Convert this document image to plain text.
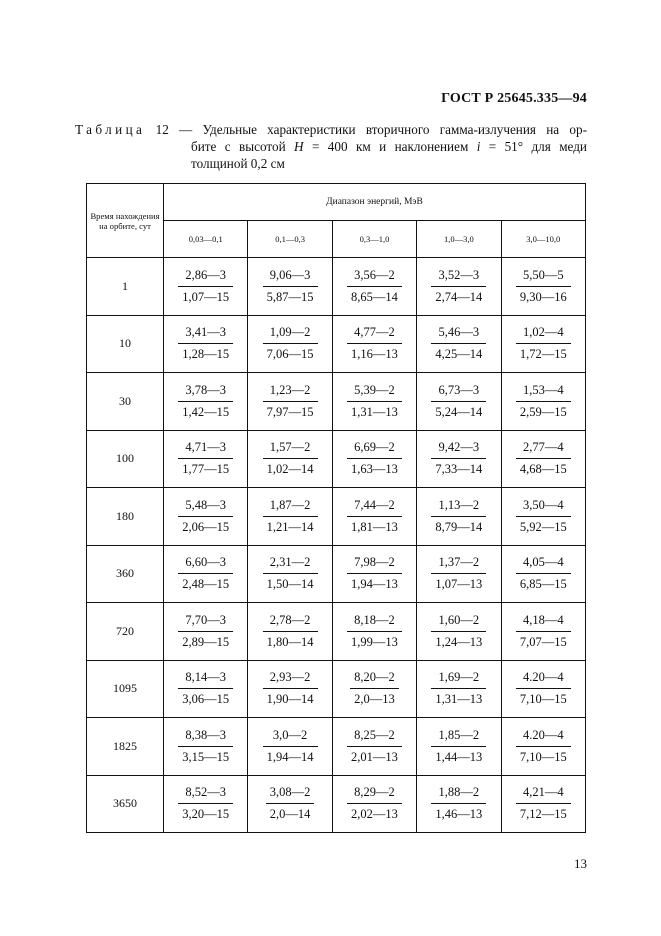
ГОСТ Р 25645.335—94
Таблица 12 — Удельные характеристики вторичного гамма-излучения на ор-
бите с высотой H = 400 км и наклонением i = 51° для меди
толщиной 0,2 см
Время нахождения на орбите, сут	Диапазон энергий, МэВ				
	0,03—0,1	0,1—0,3	0,3—1,0	1,0—3,0	3,0—10,0
1	$\frac{2,86—3}{1,07—15}$	$\frac{9,06—3}{5,87—15}$	$\frac{3,56—2}{8,65—14}$	$\frac{3,52—3}{2,74—14}$	$\frac{5,50—5}{9,30—16}$

10	$\frac{3,41—3}{1,28—15}$	$\frac{1,09—2}{7,06—15}$	$\frac{4,77—2}{1,16—13}$	$\frac{5,46—3}{4,25—14}$	$\frac{1,02—4}{1,72—15}$

30	$\frac{3,78—3}{1,42—15}$	$\frac{1,23—2}{7,97—15}$	$\frac{5,39—2}{1,31—13}$	$\frac{6,73—3}{5,24—14}$	$\frac{1,53—4}{2,59—15}$

100	$\frac{4,71—3}{1,77—15}$	$\frac{1,57—2}{1,02—14}$	$\frac{6,69—2}{1,63—13}$	$\frac{9,42—3}{7,33—14}$	$\frac{2,77—4}{4,68—15}$

180	$\frac{5,48—3}{2,06—15}$	$\frac{1,87—2}{1,21—14}$	$\frac{7,44—2}{1,81—13}$	$\frac{1,13—2}{8,79—14}$	$\frac{3,50—4}{5,92—15}$

360	$\frac{6,60—3}{2,48—15}$	$\frac{2,31—2}{1,50—14}$	$\frac{7,98—2}{1,94—13}$	$\frac{1,37—2}{1,07—13}$	$\frac{4,05—4}{6,85—15}$

720	$\frac{7,70—3}{2,89—15}$	$\frac{2,78—2}{1,80—14}$	$\frac{8,18—2}{1,99—13}$	$\frac{1,60—2}{1,24—13}$	$\frac{4,18—4}{7,07—15}$

1095	$\frac{8,14—3}{3,06—15}$	$\frac{2,93—2}{1,90—14}$	$\frac{8,20—2}{2,0—13}$	$\frac{1,69—2}{1,31—13}$	$\frac{4.20—4}{7,10—15}$

1825	$\frac{8,38—3}{3,15—15}$	$\frac{3,0—2}{1,94—14}$	$\frac{8,25—2}{2,01—13}$	$\frac{1,85—2}{1,44—13}$	$\frac{4.20—4}{7,10—15}$

3650	$\frac{8,52—3}{3,20—15}$	$\frac{3,08—2}{2,0—14}$	$\frac{8,29—2}{2,02—13}$	$\frac{1,88—2}{1,46—13}$	$\frac{4,21—4}{7,12—15}$
13
